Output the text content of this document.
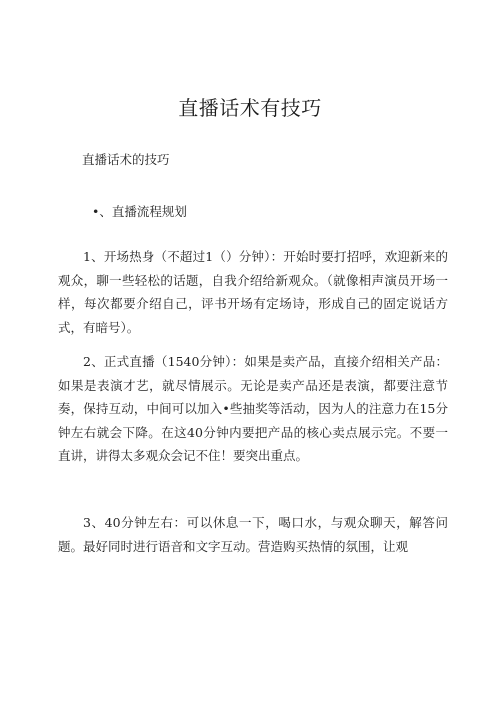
直播话术有技巧
直播话术的技巧
•、直播流程规划
1、开场热身（不超过1（）分钟）：开始时要打招呼，欢迎新来的观众，聊一些轻松的话题，自我介绍给新观众。（就像相声演员开场一样，每次都要介绍自己，评书开场有定场诗，形成自己的固定说话方式，有暗号）。
2、正式直播（1540分钟）：如果是卖产品，直接介绍相关产品：如果是表演才艺，就尽情展示。无论是卖产品还是表演，都要注意节奏，保持互动，中间可以加入•些抽奖等活动，因为人的注意力在15分钟左右就会下降。在这40分钟内要把产品的核心卖点展示完。不要一直讲，讲得太多观众会记不住！要突出重点。
3、40分钟左右：可以休息一下，喝口水，与观众聊天，解答问题。最好同时进行语音和文字互动。营造购买热情的氛围，让观
